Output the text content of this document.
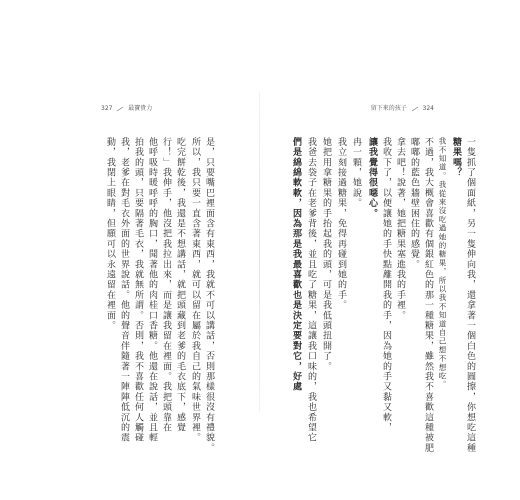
327	最寶貴力	留下來的孩子	324
動，我閉上眼睛，但願可以永遠留在裡面。 我，老爹在對毛衣外面的世界說話。他的聲音伴隨著一陣陣低沉的震 拍我的頭，只要隔著毛衣，我就無所謂。否則，我不喜歡任何人觸碰 他呼吸時暖呼呼的胸口，聞著他的肉桂口香糖。他還在說話，並且輕 行！」我伸手，他沒把我拉出來，而是讓我留在裡面。我把頭靠在 吃完餅乾後，我還是不想講話，就把頭藏到老爹的毛衣底下，感覺 所以，我只要一直含著東西，就可以留在屬於我自己的氣味世界裡。 是，只要嘴巴裡面含有東西，我就不可以講話，否則那樣很沒有禮貌。	們是綿綿軟軟，因為那是我最喜歡也是決定要對它，好處 我爸去袋子在老爹背後，並且吃了糖果，這讓我口味的，我也希望它 她把用拿糖果的手抬起我的頭，可是我低頭扭開了。 我立刻接過糖果，免得再碰到她的手。 冉一顆，她說。 讓我覺得很噁心。 我收下了，以便讓她的手快點離開我的手，因為她的手又黏又軟， 拿去吧！說著，她把糖果塞進我的手裡。 嘟嘟的藍色牆壁困住的感覺。 不過，我大概會喜歡有個銀紅色的那一種糖果，雖然我不喜歡這種被肥 我不知道。我從來沒吃過她的糖果，所以我不知道自己想不想吃。 糖果嗎？ 一隻抓了個面紙，另一隻伸向我，還拿著一個白色的圓擦，你想吃這種
